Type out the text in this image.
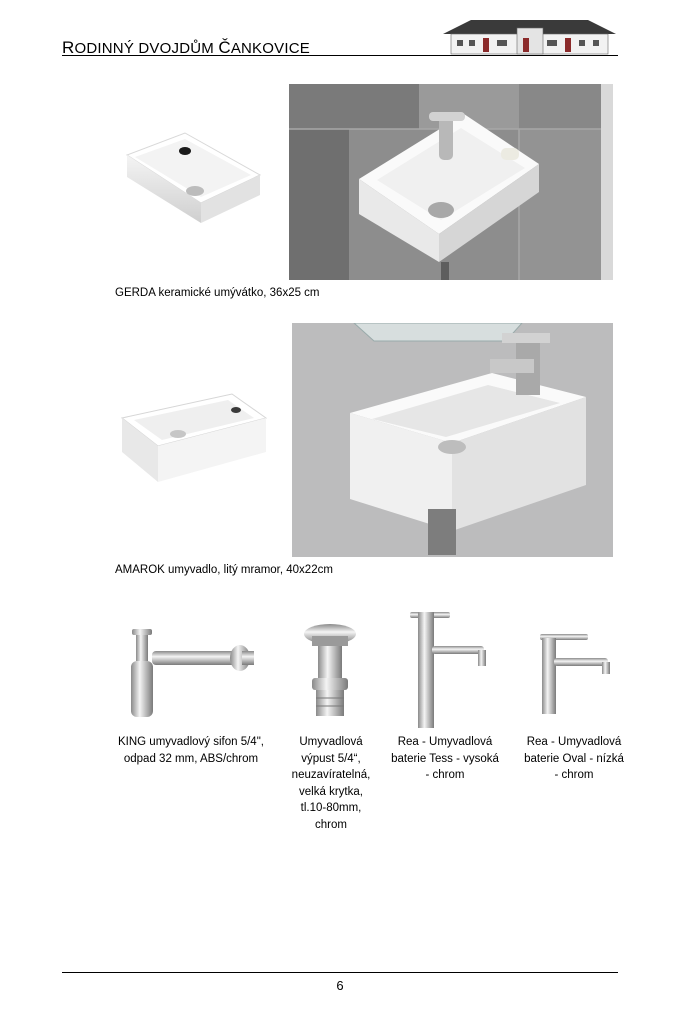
RODINNÝ DVOJDŮM ČANKOVICE
GERDA keramické umývátko, 36x25 cm
AMAROK umyvadlo, litý mramor, 40x22cm
KING umyvadlový sifon 5/4",
odpad 32 mm, ABS/chrom
Umyvadlová
výpust 5/4“,
neuzavíratelná,
velká krytka,
tl.10-80mm,
chrom
Rea - Umyvadlová
baterie Tess - vysoká
- chrom
Rea - Umyvadlová
baterie Oval - nízká
- chrom
6
